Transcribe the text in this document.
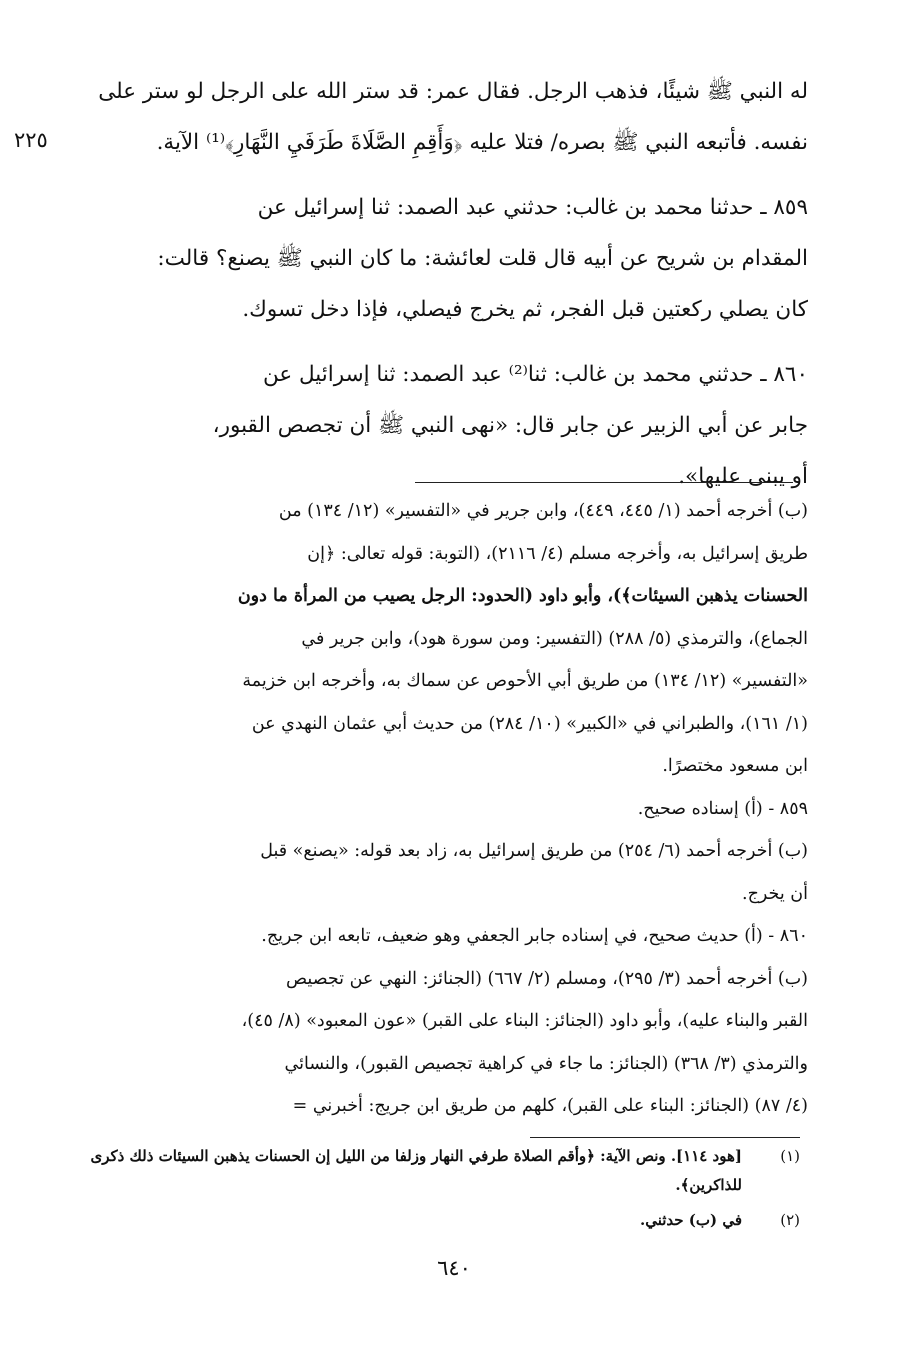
٢٢٥
له النبي ﷺ شيئًا، فذهب الرجل. فقال عمر: قد ستر الله على الرجل لو ستر على
نفسه. فأتبعه النبي ﷺ بصره/ فتلا عليه ﴿وَأَقِمِ الصَّلَاةَ طَرَفَيِ النَّهَارِ﴾⁽¹⁾ الآية.
٨٥٩ ـ حدثنا محمد بن غالب: حدثني عبد الصمد: ثنا إسرائيل عن
المقدام بن شريح عن أبيه قال قلت لعائشة: ما كان النبي ﷺ يصنع؟ قالت:
كان يصلي ركعتين قبل الفجر، ثم يخرج فيصلي، فإذا دخل تسوك.
٨٦٠ ـ حدثني محمد بن غالب: ثنا⁽²⁾ عبد الصمد: ثنا إسرائيل عن
جابر عن أبي الزبير عن جابر قال: «نهى النبي ﷺ أن تجصص القبور،
أو يبنى عليها».
(ب) أخرجه أحمد (١/ ٤٤٥، ٤٤٩)، وابن جرير في «التفسير» (١٢/ ١٣٤) من
طريق إسرائيل به، وأخرجه مسلم (٤/ ٢١١٦)، (التوبة: قوله تعالى: ﴿إن
الحسنات يذهبن السيئات﴾)، وأبو داود (الحدود: الرجل يصيب من المرأة ما دون
الجماع)، والترمذي (٥/ ٢٨٨) (التفسير: ومن سورة هود)، وابن جرير في
«التفسير» (١٢/ ١٣٤) من طريق أبي الأحوص عن سماك به، وأخرجه ابن خزيمة
(١/ ١٦١)، والطبراني في «الكبير» (١٠/ ٢٨٤) من حديث أبي عثمان النهدي عن
ابن مسعود مختصرًا.
٨٥٩ - (أ) إسناده صحيح.
(ب) أخرجه أحمد (٦/ ٢٥٤) من طريق إسرائيل به، زاد بعد قوله: «يصنع» قبل
أن يخرج.
٨٦٠ - (أ) حديث صحيح، في إسناده جابر الجعفي وهو ضعيف، تابعه ابن جريج.
(ب) أخرجه أحمد (٣/ ٢٩٥)، ومسلم (٢/ ٦٦٧) (الجنائز: النهي عن تجصيص
القبر والبناء عليه)، وأبو داود (الجنائز: البناء على القبر) «عون المعبود» (٨/ ٤٥)،
والترمذي (٣/ ٣٦٨) (الجنائز: ما جاء في كراهية تجصيص القبور)، والنسائي
(٤/ ٨٧) (الجنائز: البناء على القبر)، كلهم من طريق ابن جريج: أخبرني =
(١)
[هود ١١٤]. ونص الآية: ﴿وأقم الصلاة طرفي النهار وزلفا من الليل إن الحسنات يذهبن السيئات ذلك ذكرى للذاكرين﴾.
(٢)
في (ب) حدثني.
٦٤٠
